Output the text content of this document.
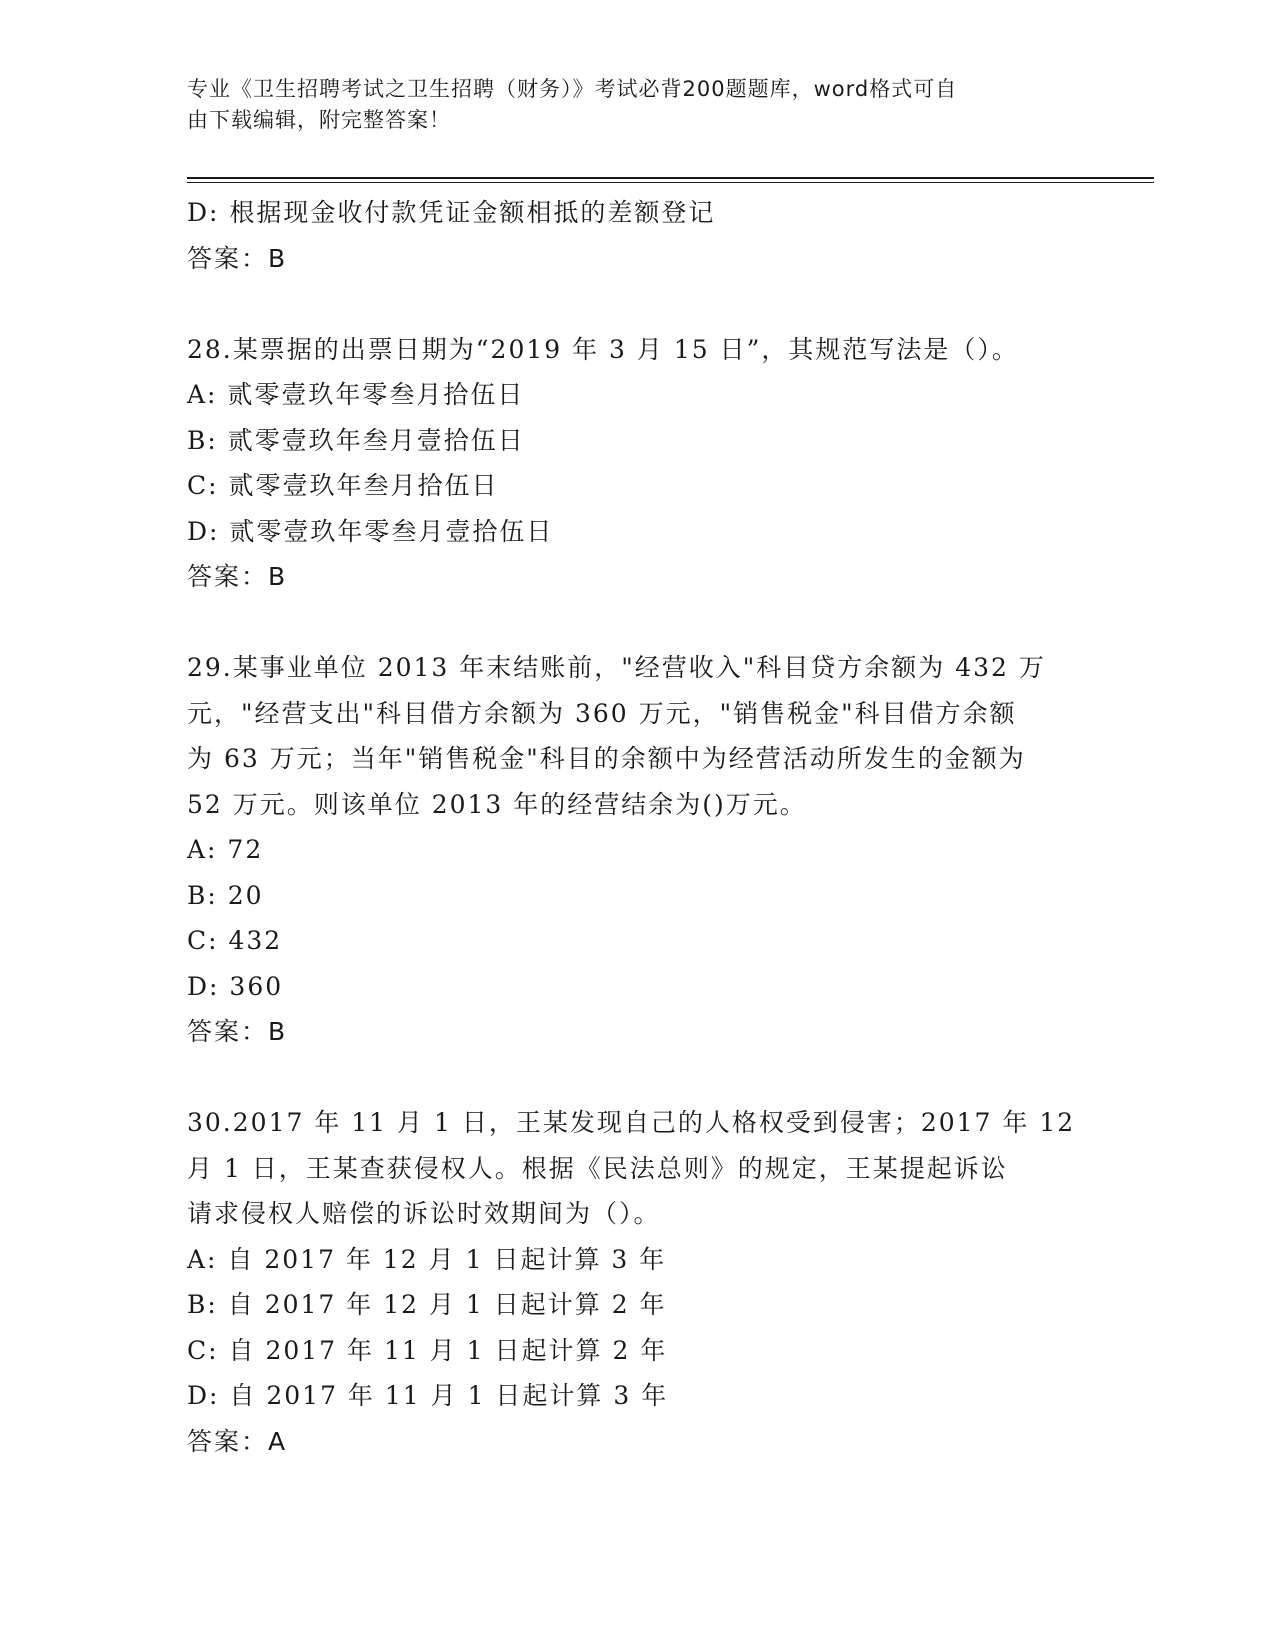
专业《卫生招聘考试之卫生招聘（财务）》考试必背200题题库，word格式可自
由下载编辑，附完整答案！
D: 根据现金收付款凭证金额相抵的差额登记
答案：B
28.某票据的出票日期为“2019 年 3 月 15 日”，其规范写法是（）。
A: 贰零壹玖年零叁月拾伍日
B: 贰零壹玖年叁月壹拾伍日
C: 贰零壹玖年叁月拾伍日
D: 贰零壹玖年零叁月壹拾伍日
答案：B
29.某事业单位 2013 年末结账前，"经营收入"科目贷方余额为 432 万
元，"经营支出"科目借方余额为 360 万元，"销售税金"科目借方余额
为 63 万元；当年"销售税金"科目的余额中为经营活动所发生的金额为
52 万元。则该单位 2013 年的经营结余为()万元。
A: 72
B: 20
C: 432
D: 360
答案：B
30.2017 年 11 月 1 日，王某发现自己的人格权受到侵害；2017 年 12
月 1 日，王某查获侵权人。根据《民法总则》的规定，王某提起诉讼
请求侵权人赔偿的诉讼时效期间为（）。
A: 自 2017 年 12 月 1 日起计算 3 年
B: 自 2017 年 12 月 1 日起计算 2 年
C: 自 2017 年 11 月 1 日起计算 2 年
D: 自 2017 年 11 月 1 日起计算 3 年
答案：A
